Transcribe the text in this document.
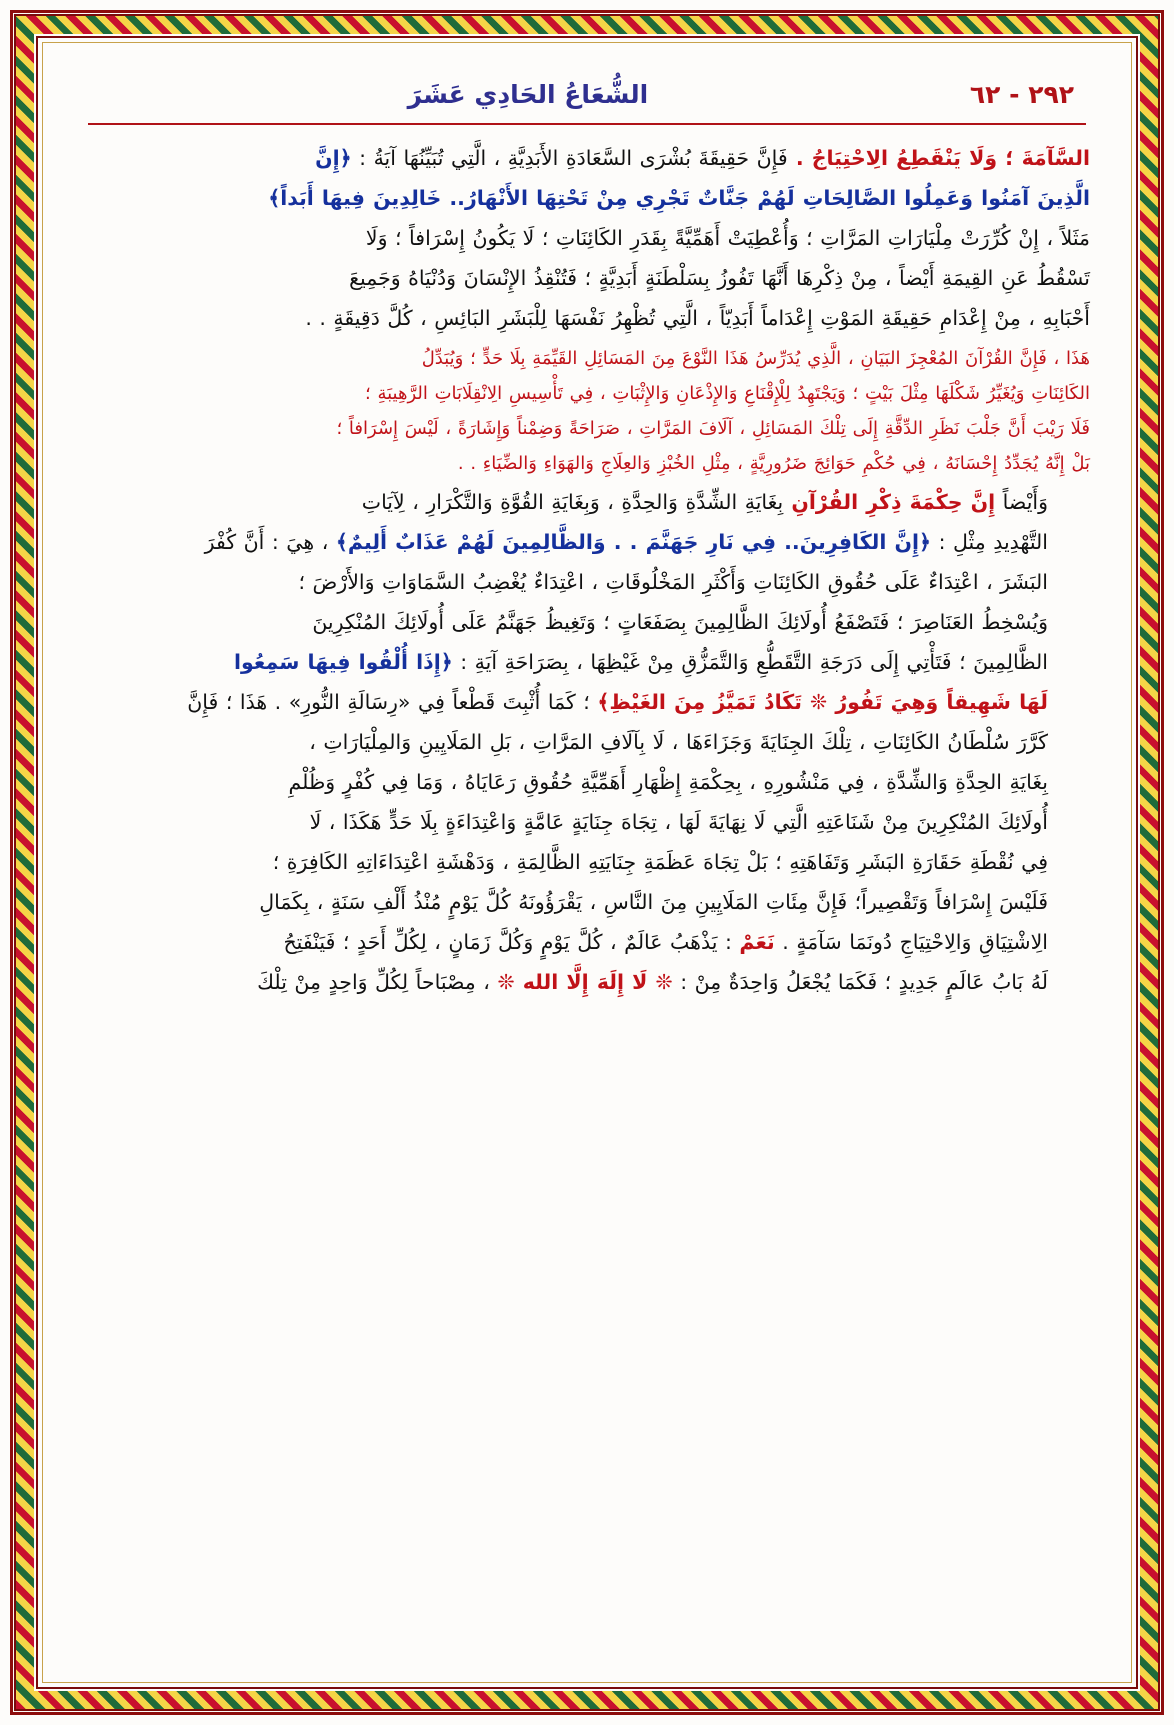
٢٩٢ - ٦٢
الشُّعَاعُ الحَادِي عَشَرَ

السَّآمَةَ ؛ وَلَا يَنْقَطِعُ الِاحْتِيَاجُ . فَإِنَّ حَقِيقَةَ بُشْرَى السَّعَادَةِ الأَبَدِيَّةِ ، الَّتِي تُبَيِّنُهَا آيَةُ : ﴿إِنَّ
الَّذِينَ آمَنُوا وَعَمِلُوا الصَّالِحَاتِ لَهُمْ جَنَّاتٌ تَجْرِي مِنْ تَحْتِهَا الأَنْهَارُ.. خَالِدِينَ فِيهَا أَبَداً﴾
مَثَلاً ، إِنْ كُرِّرَتْ مِلْيَارَاتِ المَرَّاتِ ؛ وَأُعْطِيَتْ أَهَمِّيَّةً بِقَدَرِ الكَائِنَاتِ ؛ لَا يَكُونُ إِسْرَافاً ؛ وَلَا
تَسْقُطُ عَنِ القِيمَةِ أَيْضاً ، مِنْ ذِكْرِهَا أَنَّهَا تَفُوزُ بِسَلْطَنَةٍ أَبَدِيَّةٍ ؛ فَتُنْقِذُ الإِنْسَانَ وَدُنْيَاهُ وَجَمِيعَ
أَحْبَابِهِ ، مِنْ إِعْدَامِ حَقِيقَةِ المَوْتِ إِعْدَاماً أَبَدِيّاً ، الَّتِي تُظْهِرُ نَفْسَهَا لِلْبَشَرِ البَائِسِ ، كُلَّ دَقِيقَةٍ . .

هَذَا ، فَإِنَّ القُرْآنَ المُعْجِزَ البَيَانِ ، الَّذِي يُدَرِّسُ هَذَا النَّوْعَ مِنَ المَسَائِلِ القَيِّمَةِ بِلَا حَدٍّ ؛ وَيُبَدِّلُ
الكَائِنَاتِ وَيُغَيِّرُ شَكْلَهَا مِثْلَ بَيْتٍ ؛ وَيَجْتَهِدُ لِلْإِقْنَاعِ وَالإِذْعَانِ وَالإِثْبَاتِ ، فِي تَأْسِيسِ الِانْقِلَابَاتِ الرَّهِيبَةِ ؛
فَلَا رَيْبَ أَنَّ جَلْبَ نَظَرِ الدِّقَّةِ إِلَى تِلْكَ المَسَائِلِ ، آلَافَ المَرَّاتِ ، صَرَاحَةً وَضِمْناً وَإِشَارَةً ، لَيْسَ إِسْرَافاً ؛
بَلْ إِنَّهُ يُجَدِّدُ إِحْسَانَهُ ، فِي حُكْمِ حَوَائِجَ ضَرُورِيَّةٍ ، مِثْلِ الخُبْزِ وَالعِلَاجِ وَالهَوَاءِ وَالضِّيَاءِ . .

وَأَيْضاً إِنَّ حِكْمَةَ ذِكْرِ القُرْآنِ بِغَايَةِ الشِّدَّةِ وَالحِدَّةِ ، وَبِغَايَةِ القُوَّةِ وَالتَّكْرَارِ ، لِآيَاتِ
التَّهْدِيدِ مِثْلِ : ﴿إِنَّ الكَافِرِينَ.. فِي نَارِ جَهَنَّمَ . . وَالظَّالِمِينَ لَهُمْ عَذَابٌ أَلِيمٌ﴾ ، هِيَ : أَنَّ كُفْرَ
البَشَرَ ، اعْتِدَاءٌ عَلَى حُقُوقِ الكَائِنَاتِ وَأَكْثَرِ المَخْلُوقَاتِ ، اعْتِدَاءٌ يُغْضِبُ السَّمَاوَاتِ وَالأَرْضَ ؛
وَيُسْخِطُ العَنَاصِرَ ؛ فَتَصْفَعُ أُولَائِكَ الظَّالِمِينَ بِصَفَعَاتٍ ؛ وَتَغِيظُ جَهَنَّمُ عَلَى أُولَائِكَ المُنْكِرِينَ
الظَّالِمِينَ ؛ فَتَأْتِي إِلَى دَرَجَةِ التَّقَطُّعِ وَالتَّمَزُّقِ مِنْ غَيْظِهَا ، بِصَرَاحَةِ آيَةِ : ﴿إِذَا أُلْقُوا فِيهَا سَمِعُوا
لَهَا شَهِيقاً وَهِيَ تَفُورُ ❊ تَكَادُ تَمَيَّزُ مِنَ الغَيْظِ﴾ ؛ كَمَا أُثْبِتَ قَطْعاً فِي «رِسَالَةِ النُّورِ» . هَذَا ؛ فَإِنَّ
كَرَّرَ سُلْطَانُ الكَائِنَاتِ ، تِلْكَ الجِنَايَةَ وَجَزَاءَهَا ، لَا بِآلَافِ المَرَّاتِ ، بَلِ المَلَايِينِ وَالمِلْيَارَاتِ ،
بِغَايَةِ الحِدَّةِ وَالشِّدَّةِ ، فِي مَنْشُورِهِ ، بِحِكْمَةِ إِظْهَارِ أَهَمِّيَّةِ حُقُوقِ رَعَايَاهُ ، وَمَا فِي كُفْرٍ وَظُلْمِ
أُولَائِكَ المُنْكِرِينَ مِنْ شَنَاعَتِهِ الَّتِي لَا نِهَايَةَ لَهَا ، تِجَاهَ جِنَايَةٍ عَامَّةٍ وَاعْتِدَاءَةٍ بِلَا حَدٍّ هَكَذَا ، لَا
فِي نُقْطَةِ حَقَارَةِ البَشَرِ وَتَفَاهَتِهِ ؛ بَلْ تِجَاهَ عَظَمَةِ جِنَايَتِهِ الظَّالِمَةِ ، وَدَهْشَةِ اعْتِدَاءَاتِهِ الكَافِرَةِ ؛
فَلَيْسَ إِسْرَافاً وَتَقْصِيراً؛ فَإِنَّ مِئَاتِ المَلَايِينِ مِنَ النَّاسِ ، يَقْرَؤُونَهُ كُلَّ يَوْمٍ مُنْذُ أَلْفِ سَنَةٍ ، بِكَمَالِ
الِاشْتِيَاقِ وَالِاحْتِيَاجِ دُونَمَا سَآمَةٍ . نَعَمْ : يَذْهَبُ عَالَمٌ ، كُلَّ يَوْمٍ وَكُلَّ زَمَانٍ ، لِكُلِّ أَحَدٍ ؛ فَيَنْفَتِحُ
لَهُ بَابُ عَالَمٍ جَدِيدٍ ؛ فَكَمَا يُجْعَلُ وَاحِدَةٌ مِنْ : ❊ لَا إِلَهَ إِلَّا الله ❊ ، مِصْبَاحاً لِكُلِّ وَاحِدٍ مِنْ تِلْكَ
